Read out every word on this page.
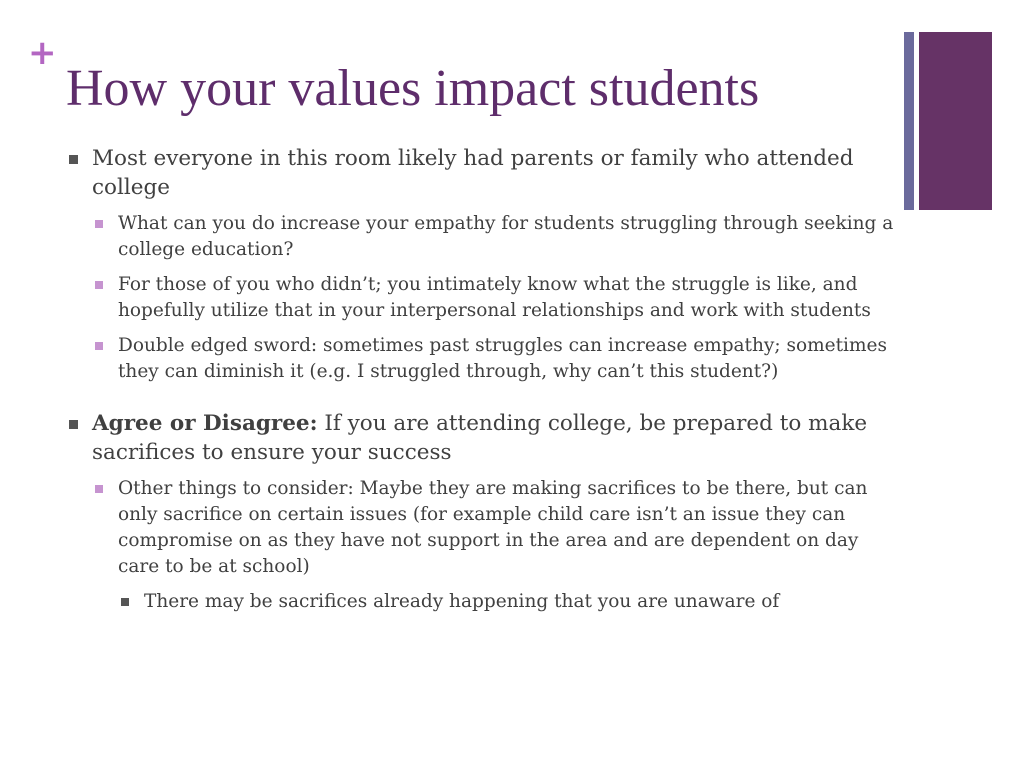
+
How your values impact students
Most everyone in this room likely had parents or family who attended college
What can you do increase your empathy for students struggling through seeking a college education?
For those of you who didn’t; you intimately know what the struggle is like, and hopefully utilize that in your interpersonal relationships and work with students
Double edged sword: sometimes past struggles can increase empathy; sometimes they can diminish it (e.g. I struggled through, why can’t this student?)
Agree or Disagree: If you are attending college, be prepared to make sacrifices to ensure your success
Other things to consider: Maybe they are making sacrifices to be there, but can only sacrifice on certain issues (for example child care isn’t an issue they can compromise on as they have not support in the area and are dependent on day care to be at school)
There may be sacrifices already happening that you are unaware of
